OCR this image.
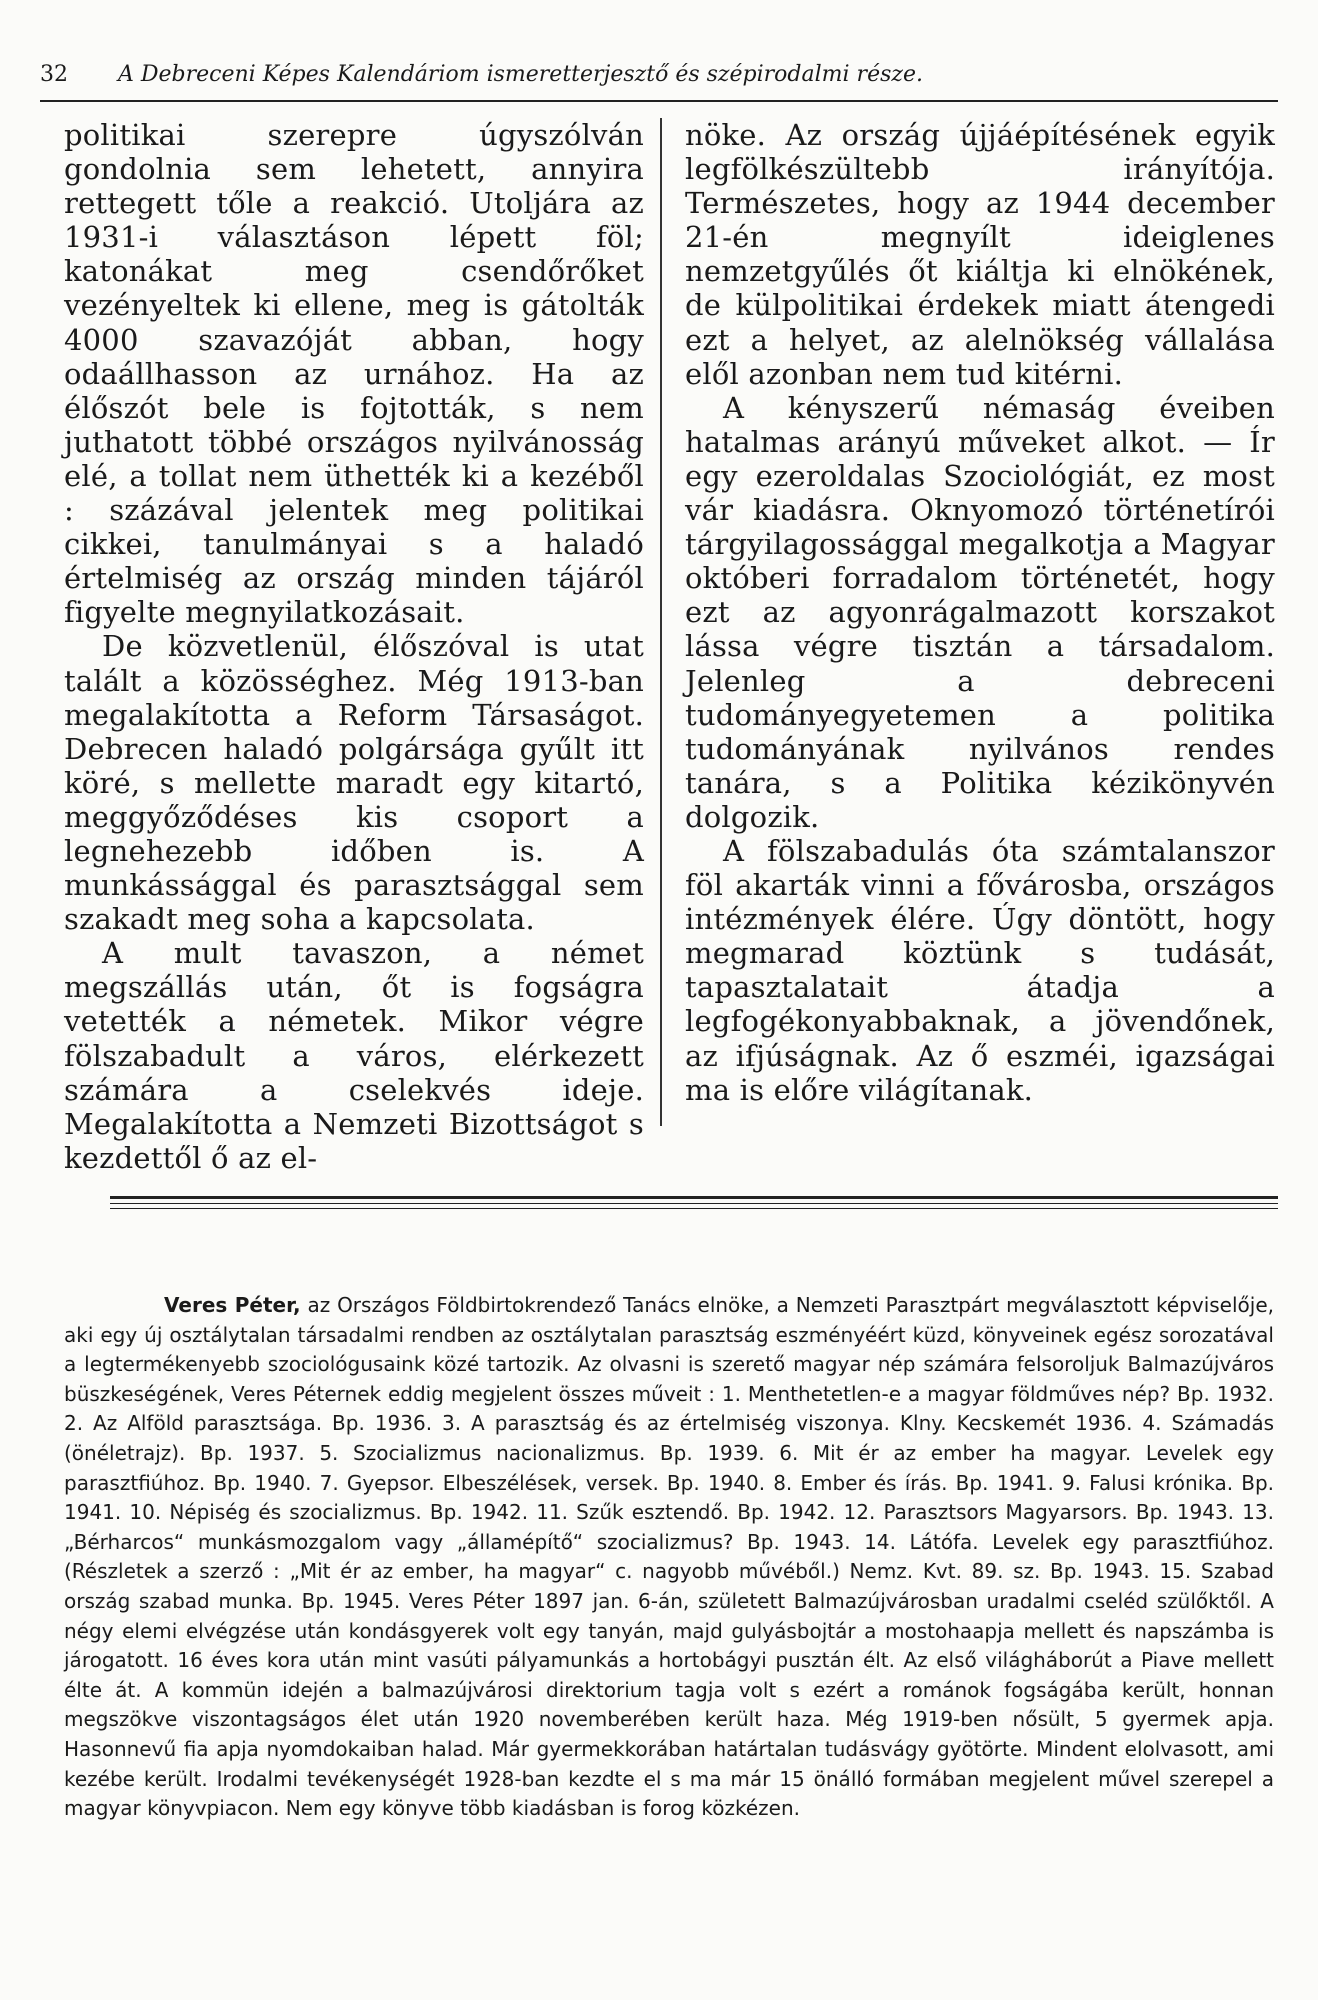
32 A Debreceni Képes Kalendáriom ismeretterjesztő és szépirodalmi része.

politikai szerepre úgyszólván gondolnia sem lehetett, annyira rettegett tőle a reakció. Utoljára az 1931-i választáson lépett föl; katonákat meg csendőrőket vezényeltek ki ellene, meg is gátolták 4000 szavazóját abban, hogy odaállhasson az urnához. Ha az élőszót bele is fojtották, s nem juthatott többé országos nyilvánosság elé, a tollat nem üthették ki a kezéből : százával jelentek meg politikai cikkei, tanulmányai s a haladó értelmiség az ország minden tájáról figyelte megnyilatkozásait.

De közvetlenül, élőszóval is utat talált a közösséghez. Még 1913-ban megalakította a Reform Társaságot. Debrecen haladó polgársága gyűlt itt köré, s mellette maradt egy kitartó, meggyőződéses kis csoport a legnehezebb időben is. A munkássággal és parasztsággal sem szakadt meg soha a kapcsolata.

A mult tavaszon, a német megszállás után, őt is fogságra vetették a németek. Mikor végre fölszabadult a város, elérkezett számára a cselekvés ideje. Megalakította a Nemzeti Bizottságot s kezdettől ő az el-

nöke. Az ország újjáépítésének egyik legfölkészültebb irányítója. Természetes, hogy az 1944 december 21-én megnyílt ideiglenes nemzetgyűlés őt kiáltja ki elnökének, de külpolitikai érdekek miatt átengedi ezt a helyet, az alelnökség vállalása elől azonban nem tud kitérni.

A kényszerű némaság éveiben hatalmas arányú műveket alkot. — Ír egy ezeroldalas Szociológiát, ez most vár kiadásra. Oknyomozó történetírói tárgyilagossággal megalkotja a Magyar októberi forradalom történetét, hogy ezt az agyonrágalmazott korszakot lássa végre tisztán a társadalom. Jelenleg a debreceni tudományegyetemen a politika tudományának nyilvános rendes tanára, s a Politika kézikönyvén dolgozik.

A fölszabadulás óta számtalanszor föl akarták vinni a fővárosba, országos intézmények élére. Úgy döntött, hogy megmarad köztünk s tudását, tapasztalatait átadja a legfogékonyabbaknak, a jövendőnek, az ifjúságnak. Az ő eszméi, igazságai ma is előre világítanak.

Veres Péter, az Országos Földbirtokrendező Tanács elnöke, a Nemzeti Parasztpárt megválasztott képviselője, aki egy új osztálytalan társadalmi rendben az osztálytalan parasztság eszményéért küzd, könyveinek egész sorozatával a legtermékenyebb szociológusaink közé tartozik. Az olvasni is szerető magyar nép számára felsoroljuk Balmazújváros büszkeségének, Veres Péternek eddig megjelent összes műveit : 1. Menthetetlen-e a magyar földműves nép? Bp. 1932. 2. Az Alföld parasztsága. Bp. 1936. 3. A parasztság és az értelmiség viszonya. Klny. Kecskemét 1936. 4. Számadás (önéletrajz). Bp. 1937. 5. Szocializmus nacionalizmus. Bp. 1939. 6. Mit ér az ember ha magyar. Levelek egy parasztfiúhoz. Bp. 1940. 7. Gyepsor. Elbeszélések, versek. Bp. 1940. 8. Ember és írás. Bp. 1941. 9. Falusi krónika. Bp. 1941. 10. Népiség és szocializmus. Bp. 1942. 11. Szűk esztendő. Bp. 1942. 12. Parasztsors Magyarsors. Bp. 1943. 13. „Bérharcos“ munkásmozgalom vagy „államépítő“ szocializmus? Bp. 1943. 14. Látófa. Levelek egy parasztfiúhoz. (Részletek a szerző : „Mit ér az ember, ha magyar“ c. nagyobb művéből.) Nemz. Kvt. 89. sz. Bp. 1943. 15. Szabad ország szabad munka. Bp. 1945. Veres Péter 1897 jan. 6-án, született Balmazújvárosban uradalmi cseléd szülőktől. A négy elemi elvégzése után kondásgyerek volt egy tanyán, majd gulyásbojtár a mostohaapja mellett és napszámba is járogatott. 16 éves kora után mint vasúti pályamunkás a hortobágyi pusztán élt. Az első világháborút a Piave mellett élte át. A kommün idején a balmazújvárosi direktorium tagja volt s ezért a románok fogságába került, honnan megszökve viszontagságos élet után 1920 novemberében került haza. Még 1919-ben nősült, 5 gyermek apja. Hasonnevű fia apja nyomdokaiban halad. Már gyermekkorában határtalan tudásvágy gyötörte. Mindent elolvasott, ami kezébe került. Irodalmi tevékenységét 1928-ban kezdte el s ma már 15 önálló formában megjelent művel szerepel a magyar könyvpiacon. Nem egy könyve több kiadásban is forog közkézen.
